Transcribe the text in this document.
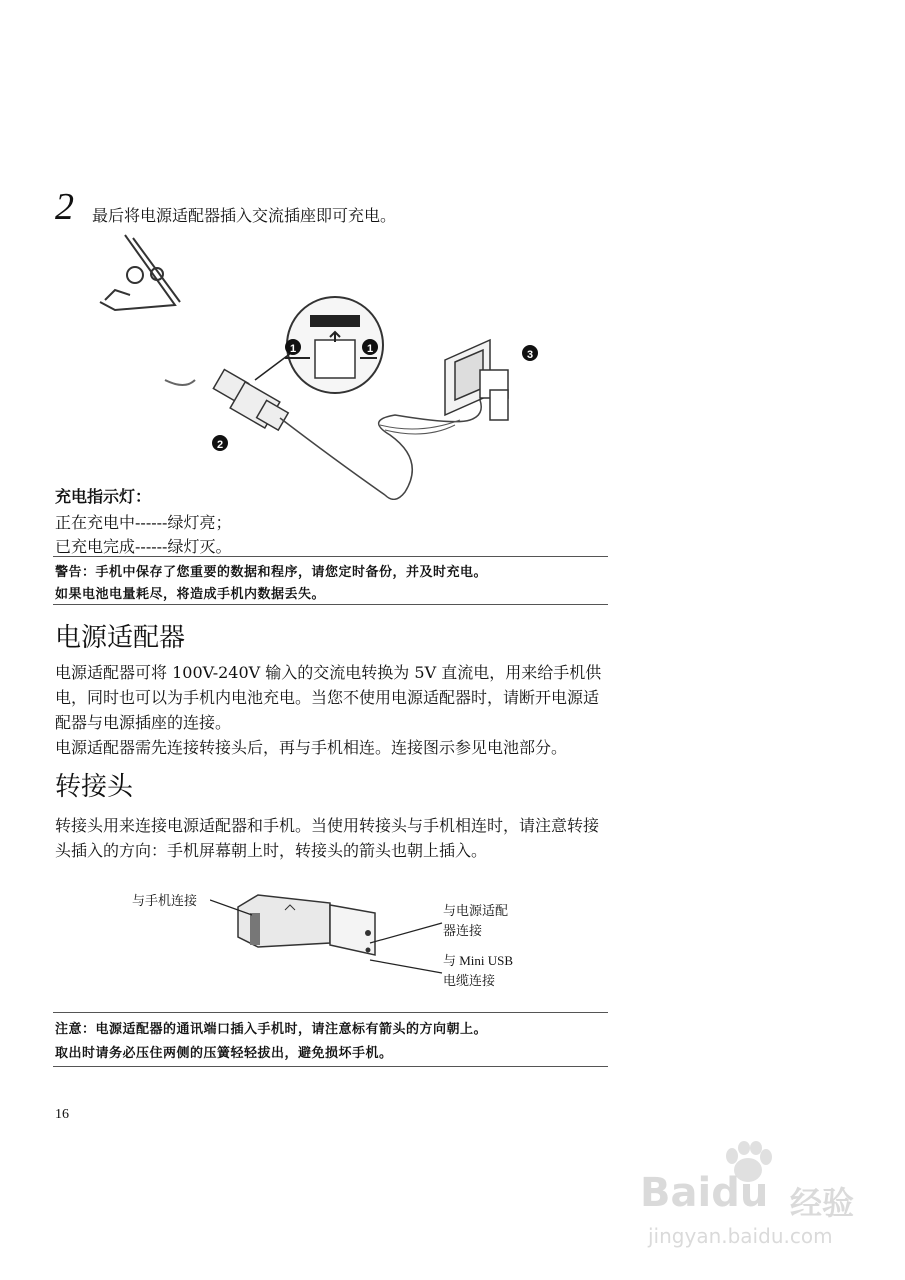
2 最后将电源适配器插入交流插座即可充电。
1	1
2
3
充电指示灯：
正在充电中------绿灯亮；
已充电完成------绿灯灭。
警告：手机中保存了您重要的数据和程序，请您定时备份，并及时充电。
如果电池电量耗尽，将造成手机内数据丢失。
电源适配器
电源适配器可将 100V-240V 输入的交流电转换为 5V 直流电，用来给手机供电，同时也可以为手机内电池充电。当您不使用电源适配器时，请断开电源适配器与电源插座的连接。
电源适配器需先连接转接头后，再与手机相连。连接图示参见电池部分。
转接头
转接头用来连接电源适配器和手机。当使用转接头与手机相连时，请注意转接头插入的方向：手机屏幕朝上时，转接头的箭头也朝上插入。
与手机连接
与电源适配
器连接
与 Mini USB
电缆连接
注意：电源适配器的通讯端口插入手机时，请注意标有箭头的方向朝上。
取出时请务必压住两侧的压簧轻轻拔出，避免损坏手机。
16
Baidu 经验
jingyan.baidu.com
